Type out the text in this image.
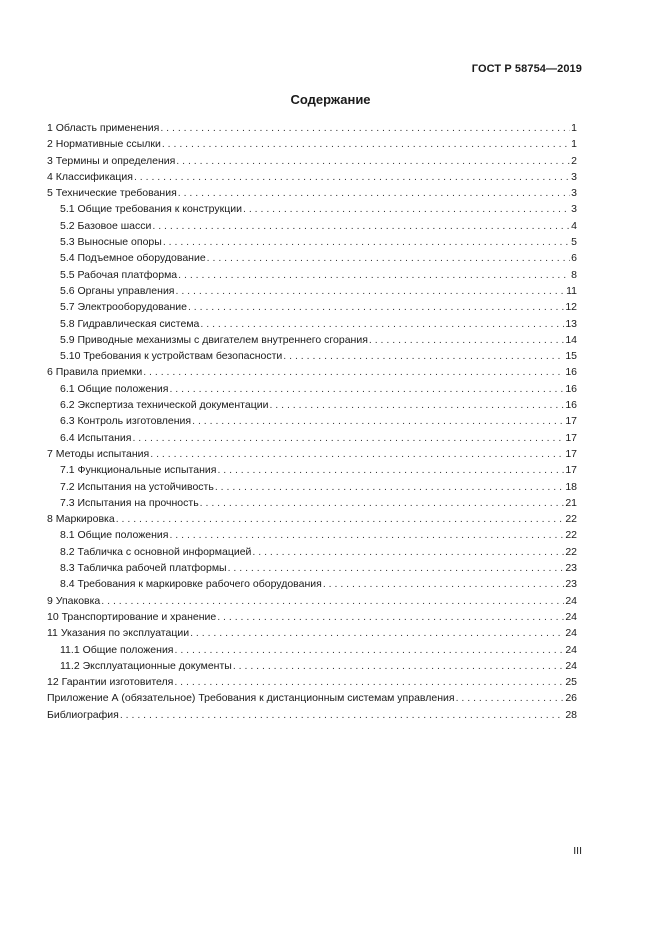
ГОСТ Р 58754—2019
Содержание
1 Область применения . . .	1
2 Нормативные ссылки . . .	1
3 Термины и определения . . .	2
4 Классификация . . .	3
5 Технические требования . . .	3
5.1 Общие требования к конструкции . . .	3
5.2 Базовое шасси . . .	4
5.3 Выносные опоры . . .	5
5.4 Подъемное оборудование . . .	6
5.5 Рабочая платформа . . .	8
5.6 Органы управления . . .	11
5.7 Электрооборудование . . .	12
5.8 Гидравлическая система . . .	13
5.9 Приводные механизмы с двигателем внутреннего сгорания . . .	14
5.10 Требования к устройствам безопасности . . .	15
6 Правила приемки . . .	16
6.1 Общие положения . . .	16
6.2 Экспертиза технической документации . . .	16
6.3 Контроль изготовления . . .	17
6.4 Испытания . . .	17
7 Методы испытания . . .	17
7.1 Функциональные испытания . . .	17
7.2 Испытания на устойчивость . . .	18
7.3 Испытания на прочность . . .	21
8 Маркировка . . .	22
8.1 Общие положения . . .	22
8.2 Табличка с основной информацией . . .	22
8.3 Табличка рабочей платформы . . .	23
8.4 Требования к маркировке рабочего оборудования . . .	23
9 Упаковка . . .	24
10 Транспортирование и хранение . . .	24
11 Указания по эксплуатации . . .	24
11.1 Общие положения . . .	24
11.2 Эксплуатационные документы . . .	24
12 Гарантии изготовителя . . .	25
Приложение А (обязательное) Требования к дистанционным системам управления . . .	26
Библиография . . .	28
III
